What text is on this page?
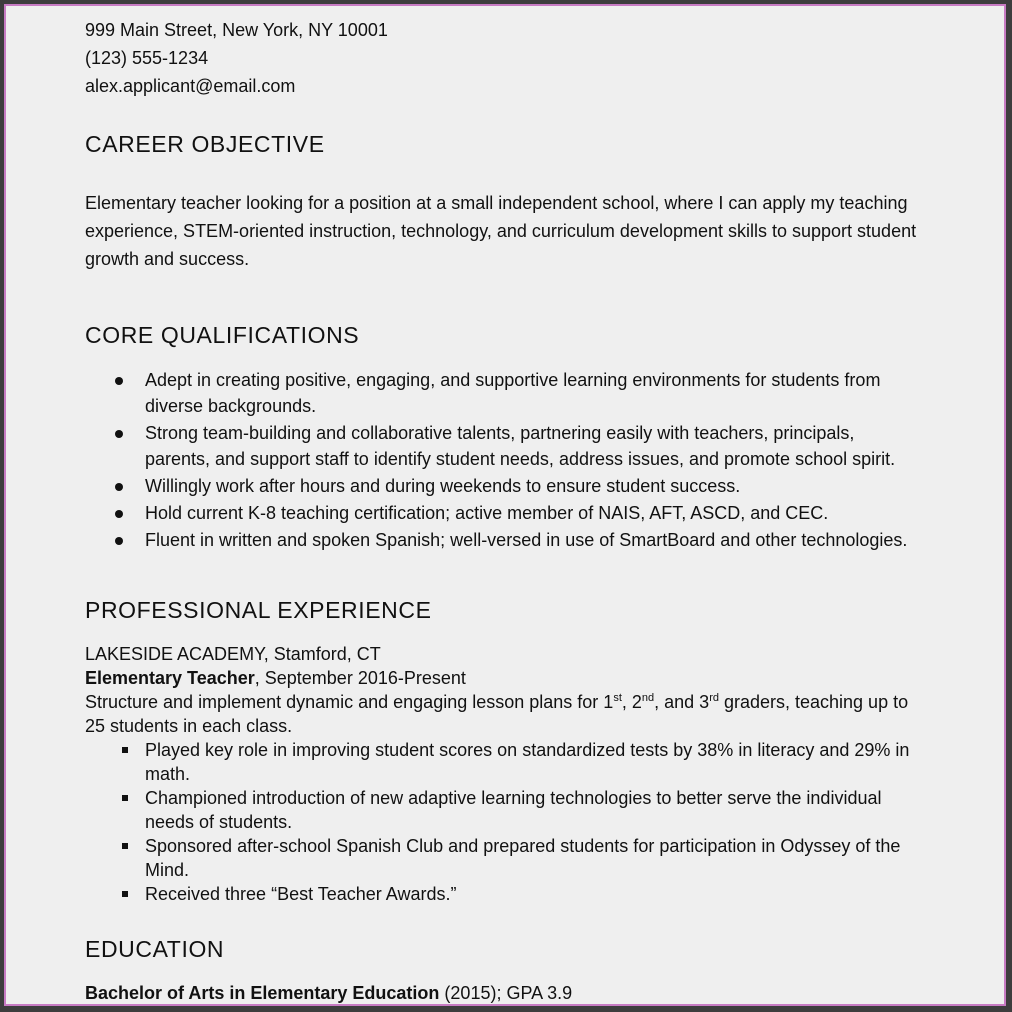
999 Main Street, New York, NY 10001
(123) 555-1234
alex.applicant@email.com
CAREER OBJECTIVE
Elementary teacher looking for a position at a small independent school, where I can apply my teaching
experience, STEM-oriented instruction, technology, and curriculum development skills to support student
growth and success.
CORE QUALIFICATIONS
Adept in creating positive, engaging, and supportive learning environments for students from
diverse backgrounds.
Strong team-building and collaborative talents, partnering easily with teachers, principals,
parents, and support staff to identify student needs, address issues, and promote school spirit.
Willingly work after hours and during weekends to ensure student success.
Hold current K-8 teaching certification; active member of NAIS, AFT, ASCD, and CEC.
Fluent in written and spoken Spanish; well-versed in use of SmartBoard and other technologies.
PROFESSIONAL EXPERIENCE
LAKESIDE ACADEMY, Stamford, CT
Elementary Teacher, September 2016-Present
Structure and implement dynamic and engaging lesson plans for 1st, 2nd, and 3rd graders, teaching up to
25 students in each class.
Played key role in improving student scores on standardized tests by 38% in literacy and 29% in
math.
Championed introduction of new adaptive learning technologies to better serve the individual
needs of students.
Sponsored after-school Spanish Club and prepared students for participation in Odyssey of the
Mind.
Received three “Best Teacher Awards.”
EDUCATION
Bachelor of Arts in Elementary Education (2015); GPA 3.9
